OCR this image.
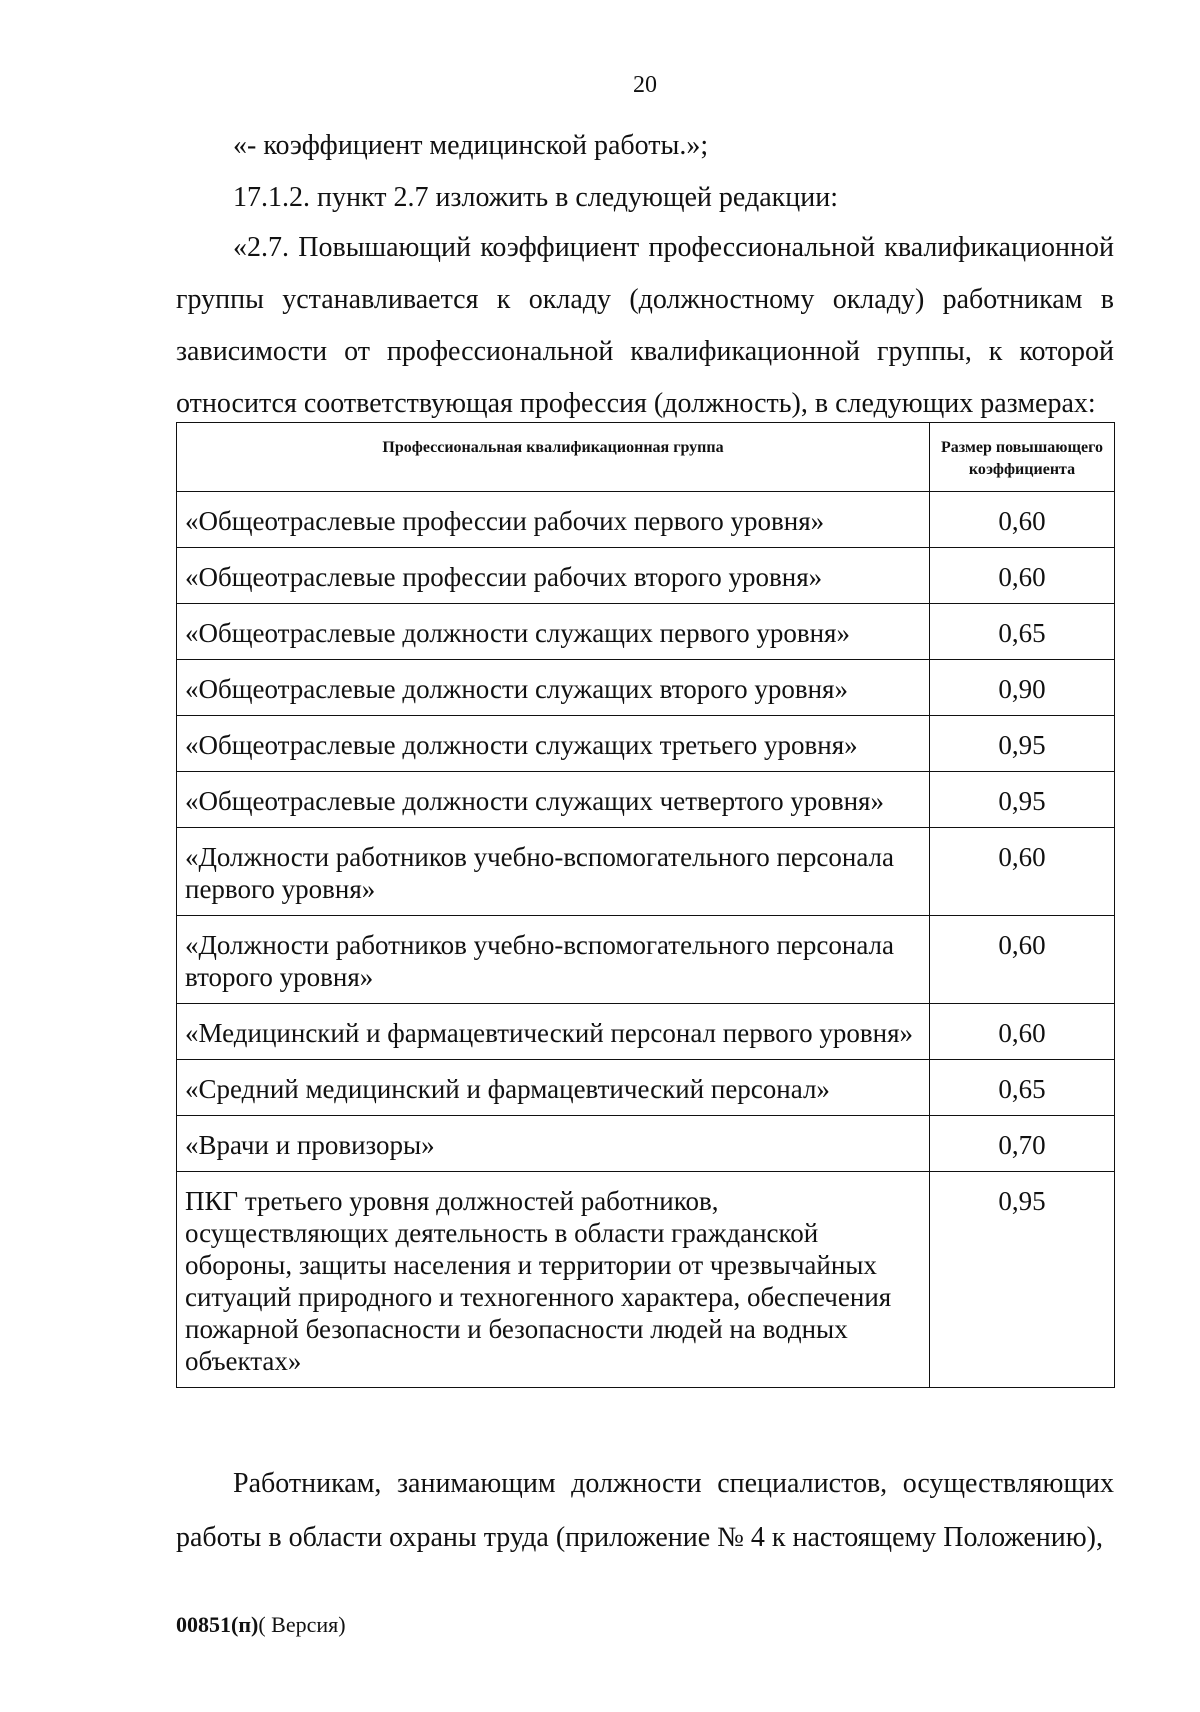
20
«- коэффициент медицинской работы.»;
17.1.2. пункт 2.7 изложить в следующей редакции:
«2.7. Повышающий коэффициент профессиональной квалификационной группы устанавливается к окладу (должностному окладу) работникам в зависимости от профессиональной квалификационной группы, к которой относится соответствующая профессия (должность), в следующих размерах:
Профессиональная квалификационная группа	Размер повышающего коэффициента
«Общеотраслевые профессии рабочих первого уровня»	0,60
«Общеотраслевые профессии рабочих второго уровня»	0,60
«Общеотраслевые должности служащих первого уровня»	0,65
«Общеотраслевые должности служащих второго уровня»	0,90
«Общеотраслевые должности служащих третьего уровня»	0,95
«Общеотраслевые должности служащих четвертого уровня»	0,95
«Должности работников учебно-вспомогательного персонала первого уровня»	0,60
«Должности работников учебно-вспомогательного персонала второго уровня»	0,60
«Медицинский и фармацевтический персонал первого уровня»	0,60
«Средний медицинский и фармацевтический персонал»	0,65
«Врачи и провизоры»	0,70
ПКГ третьего уровня должностей работников, осуществляющих деятельность в области гражданской обороны, защиты населения и территории от чрезвычайных ситуаций природного и техногенного характера, обеспечения пожарной безопасности и безопасности людей на водных объектах»	0,95
Работникам, занимающим должности специалистов, осуществляющих работы в области охраны труда (приложение № 4 к настоящему Положению),
00851(п)( Версия)
